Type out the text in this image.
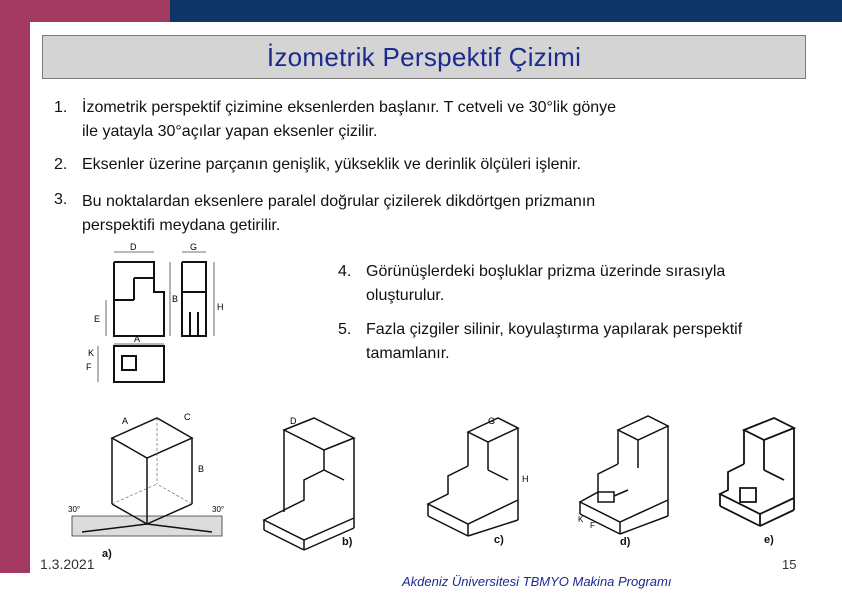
İzometrik Perspektif Çizimi
1. İzometrik perspektif çizimine eksenlerden başlanır. T cetveli ve 30°lik gönye
ile yatayla 30°açılar yapan eksenler çizilir.
2. Eksenler üzerine parçanın genişlik, yükseklik ve derinlik ölçüleri işlenir.
3. Bu noktalardan eksenlere paralel doğrular çizilerek dikdörtgen prizmanın
perspektifi meydana getirilir.
4. Görünüşlerdeki boşluklar prizma üzerinde sırasıyla
oluşturulur.
5. Fazla çizgiler silinir, koyulaştırma yapılarak perspektif
tamamlanır.
D	G
B
H
E
A
F
K
A	C
B
30°	30°
a)
D
b)
G
H
c)
K
F
d)	e)
1.3.2021
Akdeniz Üniversitesi TBMYO Makina Programı
15
